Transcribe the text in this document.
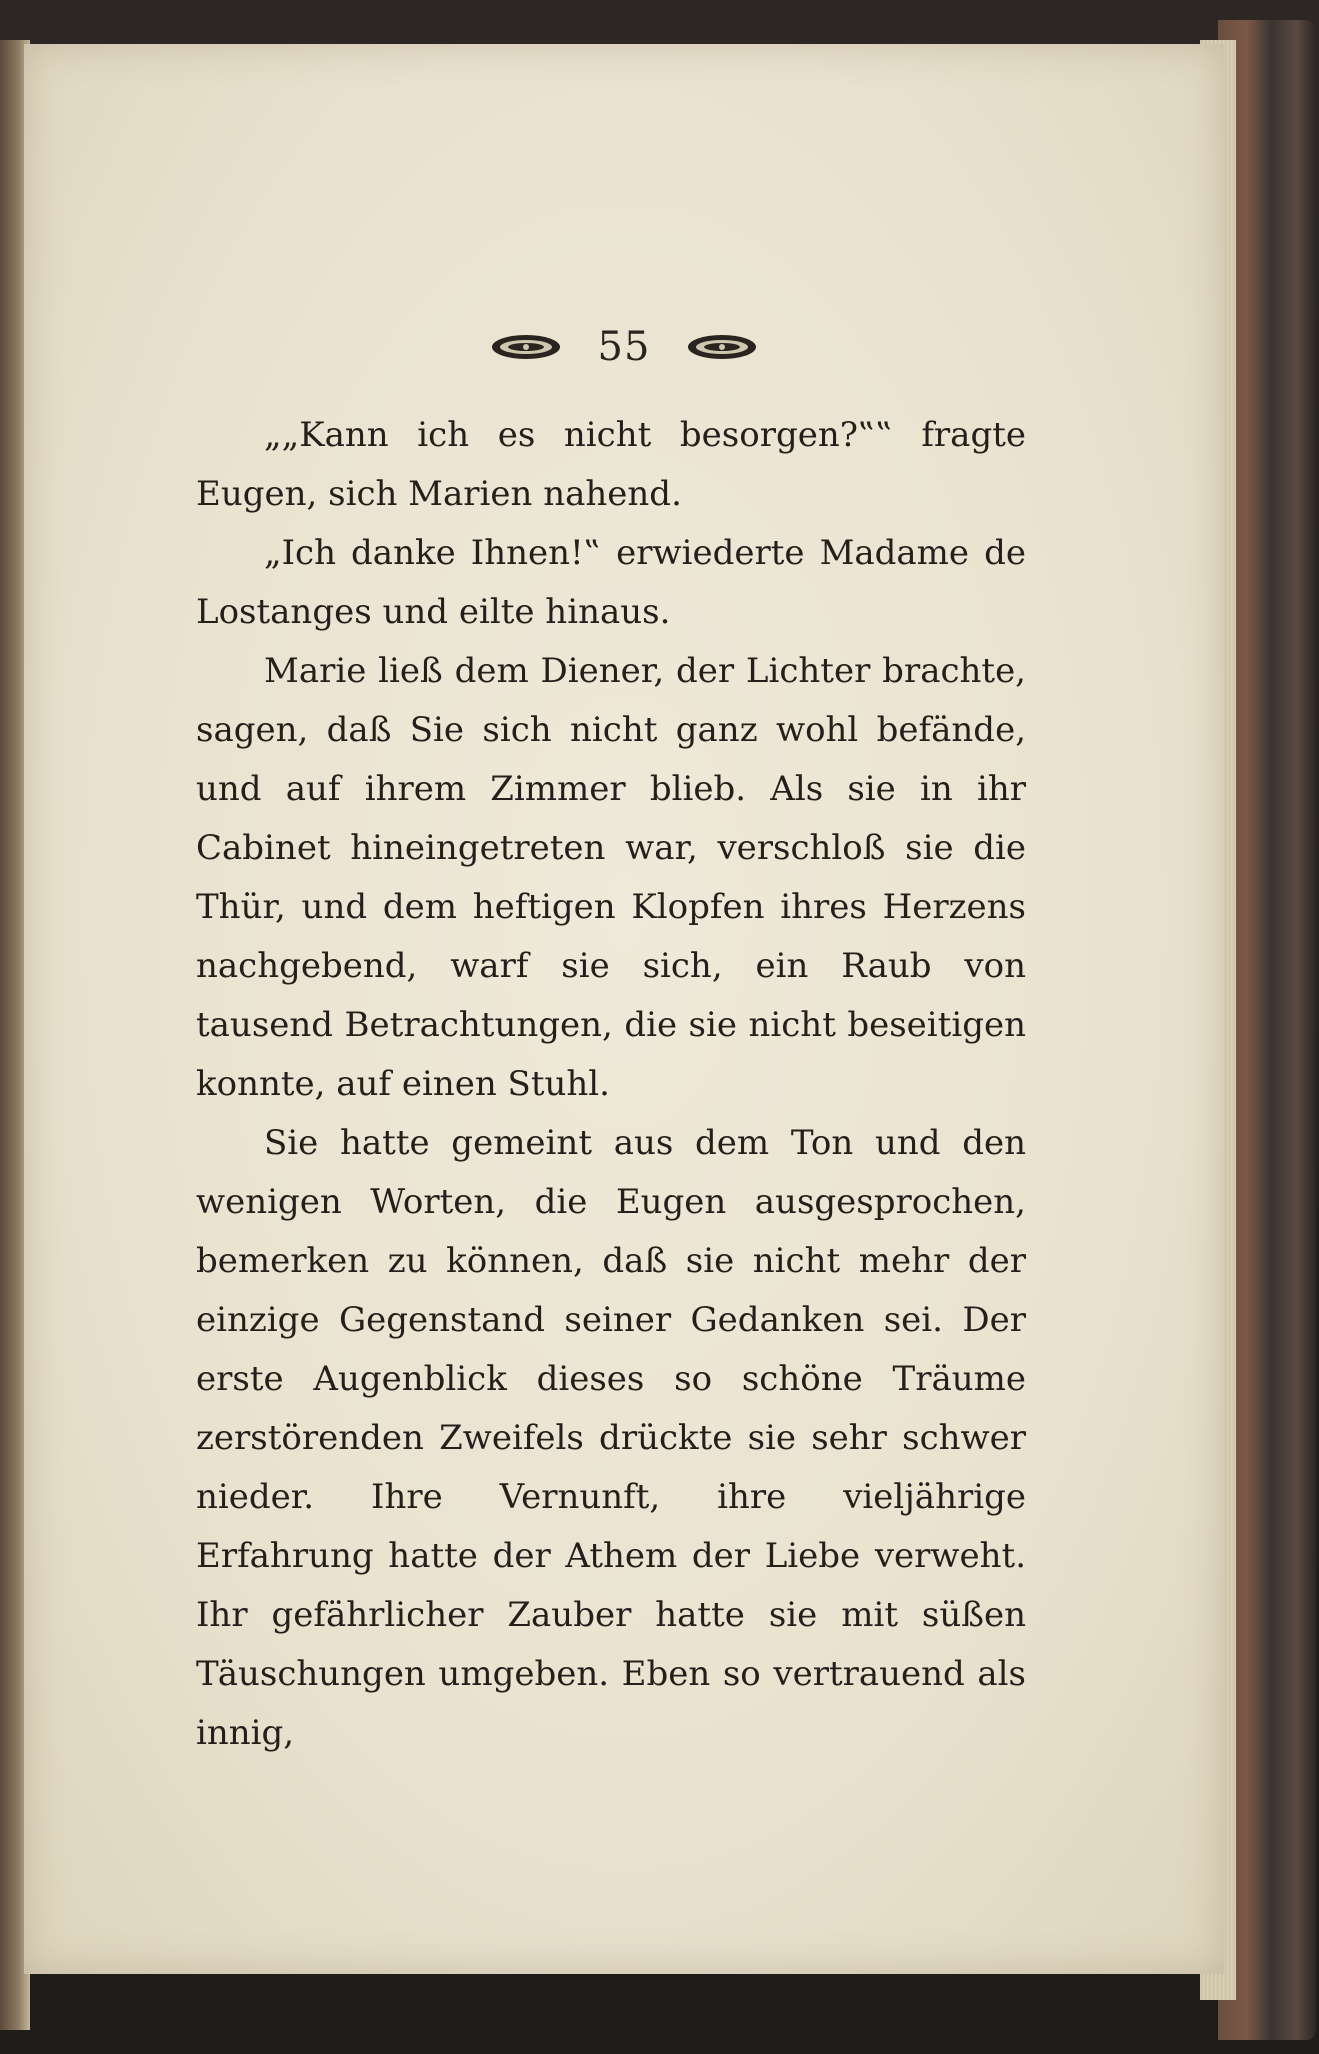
55

„„Kann ich es nicht besorgen?‟‟ fragte Eugen, sich Marien nahend.

„Ich danke Ihnen!‟ erwiederte Madame de Lostanges und eilte hinaus.

Marie ließ dem Diener, der Lichter brachte, sagen, daß Sie sich nicht ganz wohl befände, und auf ihrem Zimmer blieb. Als sie in ihr Cabinet hineingetreten war, verschloß sie die Thür, und dem heftigen Klopfen ihres Herzens nachgebend, warf sie sich, ein Raub von tausend Betrachtungen, die sie nicht beseitigen konnte, auf einen Stuhl.

Sie hatte gemeint aus dem Ton und den wenigen Worten, die Eugen ausgesprochen, bemerken zu können, daß sie nicht mehr der einzige Gegenstand seiner Gedanken sei. Der erste Augenblick dieses so schöne Träume zerstörenden Zweifels drückte sie sehr schwer nieder. Ihre Vernunft, ihre vieljährige Erfahrung hatte der Athem der Liebe verweht. Ihr gefährlicher Zauber hatte sie mit süßen Täuschungen umgeben. Eben so vertrauend als innig,
